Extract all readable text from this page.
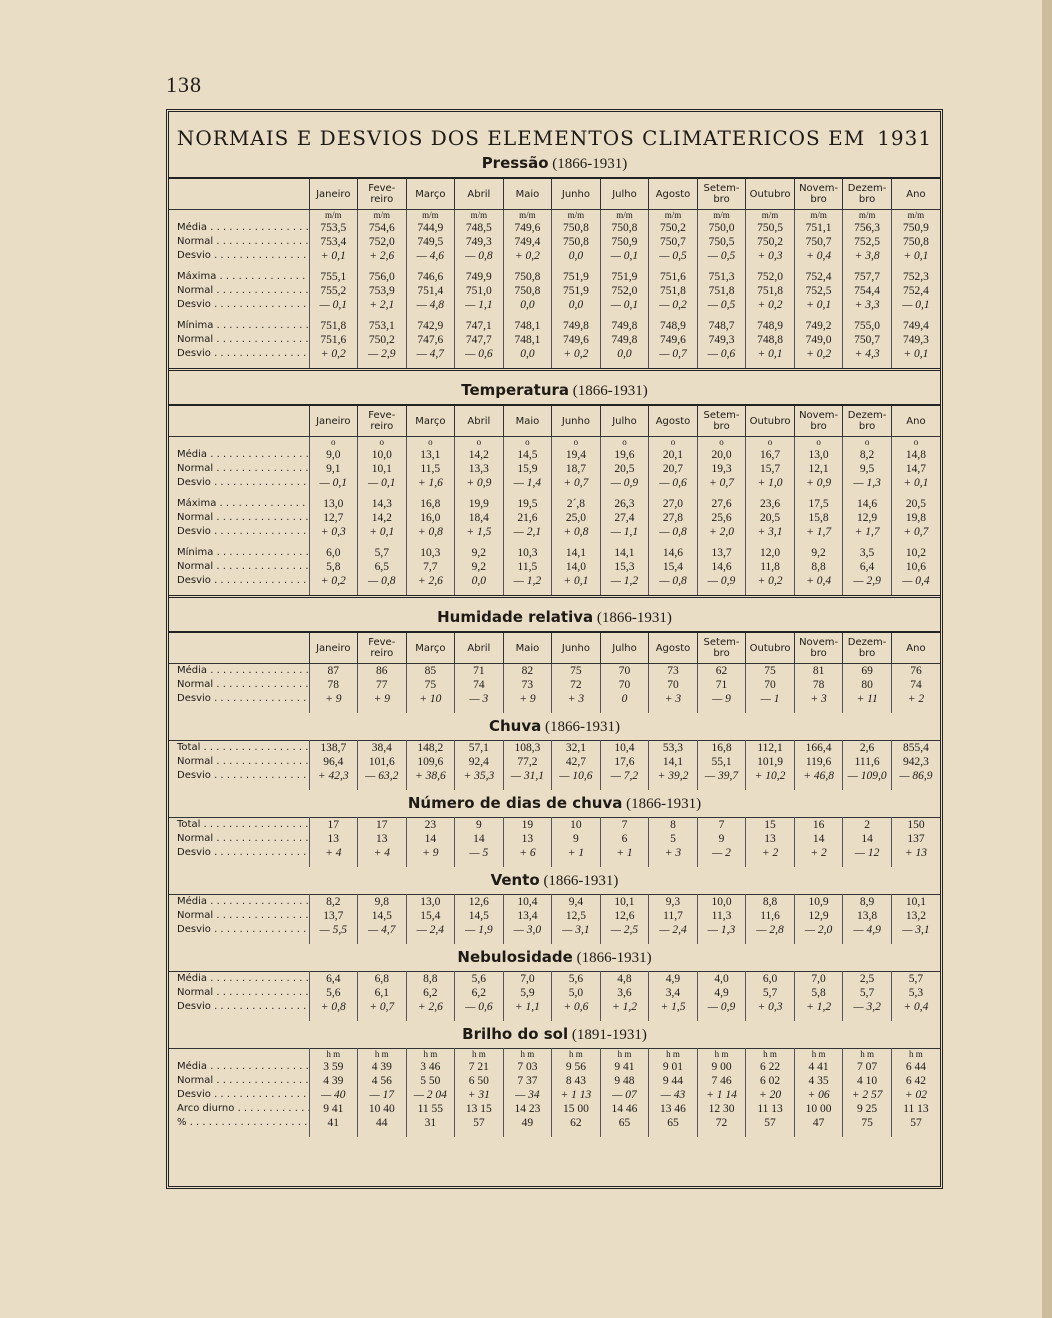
138
NORMAIS E DESVIOS DOS ELEMENTOS CLIMATERICOS EM 1931
Pressão (1866-1931)
	Janeiro	Feve-
reiro	Março	Abril	Maio	Junho	Julho	Agosto	Setem-
bro	Outubro	Novem-
bro	Dezem-
bro	Ano
	m/m	m/m	m/m	m/m	m/m	m/m	m/m	m/m	m/m	m/m	m/m	m/m	m/m
Média . . .	753,5	754,6	744,9	748,5	749,6	750,8	750,8	750,2	750,0	750,5	751,1	756,3	750,9
Normal . . .	753,4	752,0	749,5	749,3	749,4	750,8	750,9	750,7	750,5	750,2	750,7	752,5	750,8
Desvio . . .	+ 0,1	+ 2,6	— 4,6	— 0,8	+ 0,2	0,0	— 0,1	— 0,5	— 0,5	+ 0,3	+ 0,4	+ 3,8	+ 0,1

Máxima . . .	755,1	756,0	746,6	749,9	750,8	751,9	751,9	751,6	751,3	752,0	752,4	757,7	752,3
Normal . . .	755,2	753,9	751,4	751,0	750,8	751,9	752,0	751,8	751,8	751,8	752,5	754,4	752,4
Desvio . . .	— 0,1	+ 2,1	— 4,8	— 1,1	0,0	0,0	— 0,1	— 0,2	— 0,5	+ 0,2	+ 0,1	+ 3,3	— 0,1

Mínima . . .	751,8	753,1	742,9	747,1	748,1	749,8	749,8	748,9	748,7	748,9	749,2	755,0	749,4
Normal . . .	751,6	750,2	747,6	747,7	748,1	749,6	749,8	749,6	749,3	748,8	749,0	750,7	749,3
Desvio . . .	+ 0,2	— 2,9	— 4,7	— 0,6	0,0	+ 0,2	0,0	— 0,7	— 0,6	+ 0,1	+ 0,2	+ 4,3	+ 0,1

Temperatura (1866-1931)
	Janeiro	Feve-
reiro	Março	Abril	Maio	Junho	Julho	Agosto	Setem-
bro	Outubro	Novem-
bro	Dezem-
bro	Ano
	o	o	o	o	o	o	o	o	o	o	o	o	o
Média . . .	9,0	10,0	13,1	14,2	14,5	19,4	19,6	20,1	20,0	16,7	13,0	8,2	14,8
Normal . . .	9,1	10,1	11,5	13,3	15,9	18,7	20,5	20,7	19,3	15,7	12,1	9,5	14,7
Desvio . . .	— 0,1	— 0,1	+ 1,6	+ 0,9	— 1,4	+ 0,7	— 0,9	— 0,6	+ 0,7	+ 1,0	+ 0,9	— 1,3	+ 0,1

Máxima . . .	13,0	14,3	16,8	19,9	19,5	2´,8	26,3	27,0	27,6	23,6	17,5	14,6	20,5
Normal . . .	12,7	14,2	16,0	18,4	21,6	25,0	27,4	27,8	25,6	20,5	15,8	12,9	19,8
Desvio . . .	+ 0,3	+ 0,1	+ 0,8	+ 1,5	— 2,1	+ 0,8	— 1,1	— 0,8	+ 2,0	+ 3,1	+ 1,7	+ 1,7	+ 0,7

Mínima . . .	6,0	5,7	10,3	9,2	10,3	14,1	14,1	14,6	13,7	12,0	9,2	3,5	10,2
Normal . . .	5,8	6,5	7,7	9,2	11,5	14,0	15,3	15,4	14,6	11,8	8,8	6,4	10,6
Desvio . . .	+ 0,2	— 0,8	+ 2,6	0,0	— 1,2	+ 0,1	— 1,2	— 0,8	— 0,9	+ 0,2	+ 0,4	— 2,9	— 0,4

Humidade relativa (1866-1931)
	Janeiro	Feve-
reiro	Março	Abril	Maio	Junho	Julho	Agosto	Setem-
bro	Outubro	Novem-
bro	Dezem-
bro	Ano
Média . . .	87	86	85	71	82	75	70	73	62	75	81	69	76
Normal . . .	78	77	75	74	73	72	70	70	71	70	78	80	74
Desvio . . .	+ 9	+ 9	+ 10	— 3	+ 9	+ 3	0	+ 3	— 9	— 1	+ 3	+ 11	+ 2

Chuva (1866-1931)
Total . . .	138,7	38,4	148,2	57,1	108,3	32,1	10,4	53,3	16,8	112,1	166,4	2,6	855,4
Normal . . .	96,4	101,6	109,6	92,4	77,2	42,7	17,6	14,1	55,1	101,9	119,6	111,6	942,3
Desvio . . .	+ 42,3	— 63,2	+ 38,6	+ 35,3	— 31,1	— 10,6	— 7,2	+ 39,2	— 39,7	+ 10,2	+ 46,8	— 109,0	— 86,9

Número de dias de chuva (1866-1931)
Total . . .	17	17	23	9	19	10	7	8	7	15	16	2	150
Normal . . .	13	13	14	14	13	9	6	5	9	13	14	14	137
Desvio . . .	+ 4	+ 4	+ 9	— 5	+ 6	+ 1	+ 1	+ 3	— 2	+ 2	+ 2	— 12	+ 13

Vento (1866-1931)
Média . . .	8,2	9,8	13,0	12,6	10,4	9,4	10,1	9,3	10,0	8,8	10,9	8,9	10,1
Normal . . .	13,7	14,5	15,4	14,5	13,4	12,5	12,6	11,7	11,3	11,6	12,9	13,8	13,2
Desvio . . .	— 5,5	— 4,7	— 2,4	— 1,9	— 3,0	— 3,1	— 2,5	— 2,4	— 1,3	— 2,8	— 2,0	— 4,9	— 3,1

Nebulosidade (1866-1931)
Média . . .	6,4	6,8	8,8	5,6	7,0	5,6	4,8	4,9	4,0	6,0	7,0	2,5	5,7
Normal . . .	5,6	6,1	6,2	6,2	5,9	5,0	3,6	3,4	4,9	5,7	5,8	5,7	5,3
Desvio . . .	+ 0,8	+ 0,7	+ 2,6	— 0,6	+ 1,1	+ 0,6	+ 1,2	+ 1,5	— 0,9	+ 0,3	+ 1,2	— 3,2	+ 0,4

Brilho do sol (1891-1931)
	h m	h m	h m	h m	h m	h m	h m	h m	h m	h m	h m	h m	h m
Média . . .	3 59	4 39	3 46	7 21	7 03	9 56	9 41	9 01	9 00	6 22	4 41	7 07	6 44
Normal . . .	4 39	4 56	5 50	6 50	7 37	8 43	9 48	9 44	7 46	6 02	4 35	4 10	6 42
Desvio . . .	— 40	— 17	— 2 04	+ 31	— 34	+ 1 13	— 07	— 43	+ 1 14	+ 20	+ 06	+ 2 57	+ 02
Arco diurno . . .	9 41	10 40	11 55	13 15	14 23	15 00	14 46	13 46	12 30	11 13	10 00	9 25	11 13
% . . .	41	44	31	57	49	62	65	65	72	57	47	75	57
